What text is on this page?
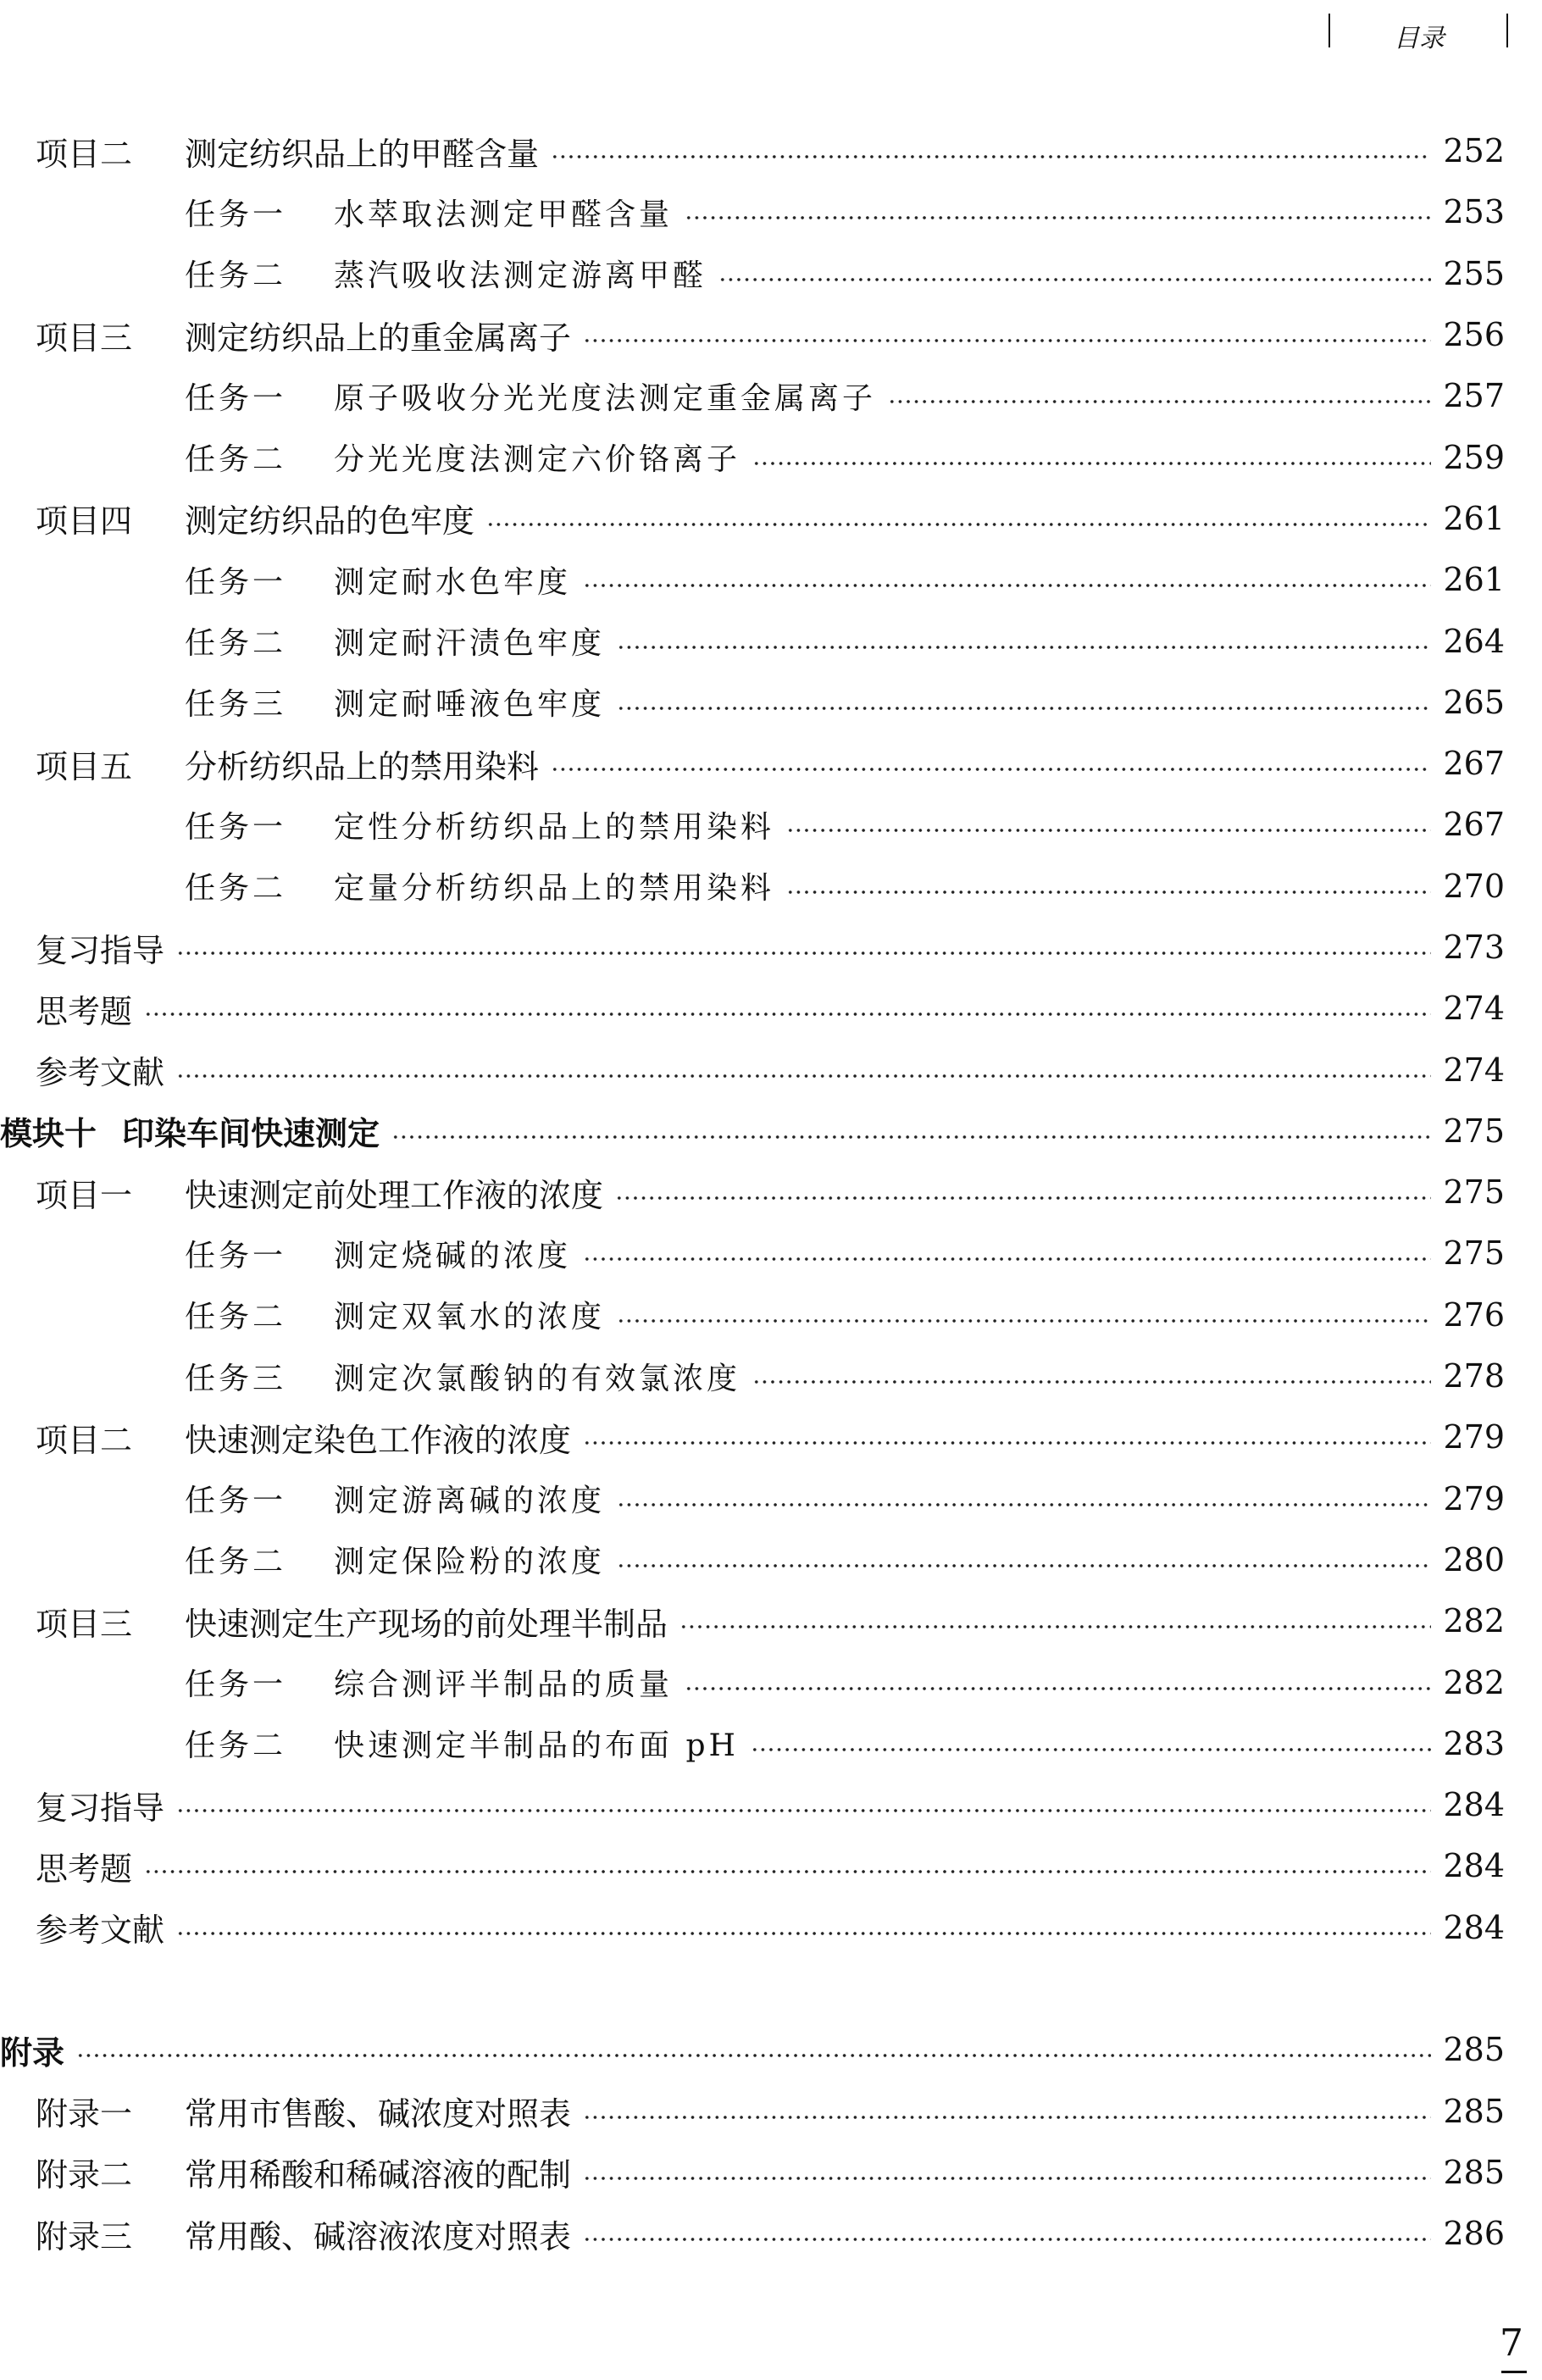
目录
项目二	测定纺织品上的甲醛含量	252
任务一	水萃取法测定甲醛含量	253
任务二	蒸汽吸收法测定游离甲醛	255
项目三	测定纺织品上的重金属离子	256
任务一	原子吸收分光光度法测定重金属离子	257
任务二	分光光度法测定六价铬离子	259
项目四	测定纺织品的色牢度	261
任务一	测定耐水色牢度	261
任务二	测定耐汗渍色牢度	264
任务三	测定耐唾液色牢度	265
项目五	分析纺织品上的禁用染料	267
任务一	定性分析纺织品上的禁用染料	267
任务二	定量分析纺织品上的禁用染料	270
复习指导	273
思考题	274
参考文献	274
模块十 印染车间快速测定	275
项目一	快速测定前处理工作液的浓度	275
任务一	测定烧碱的浓度	275
任务二	测定双氧水的浓度	276
任务三	测定次氯酸钠的有效氯浓度	278
项目二	快速测定染色工作液的浓度	279
任务一	测定游离碱的浓度	279
任务二	测定保险粉的浓度	280
项目三	快速测定生产现场的前处理半制品	282
任务一	综合测评半制品的质量	282
任务二	快速测定半制品的布面 pH	283
复习指导	284
思考题	284
参考文献	284
附录	285
附录一	常用市售酸、碱浓度对照表	285
附录二	常用稀酸和稀碱溶液的配制	285
附录三	常用酸、碱溶液浓度对照表	286
7
